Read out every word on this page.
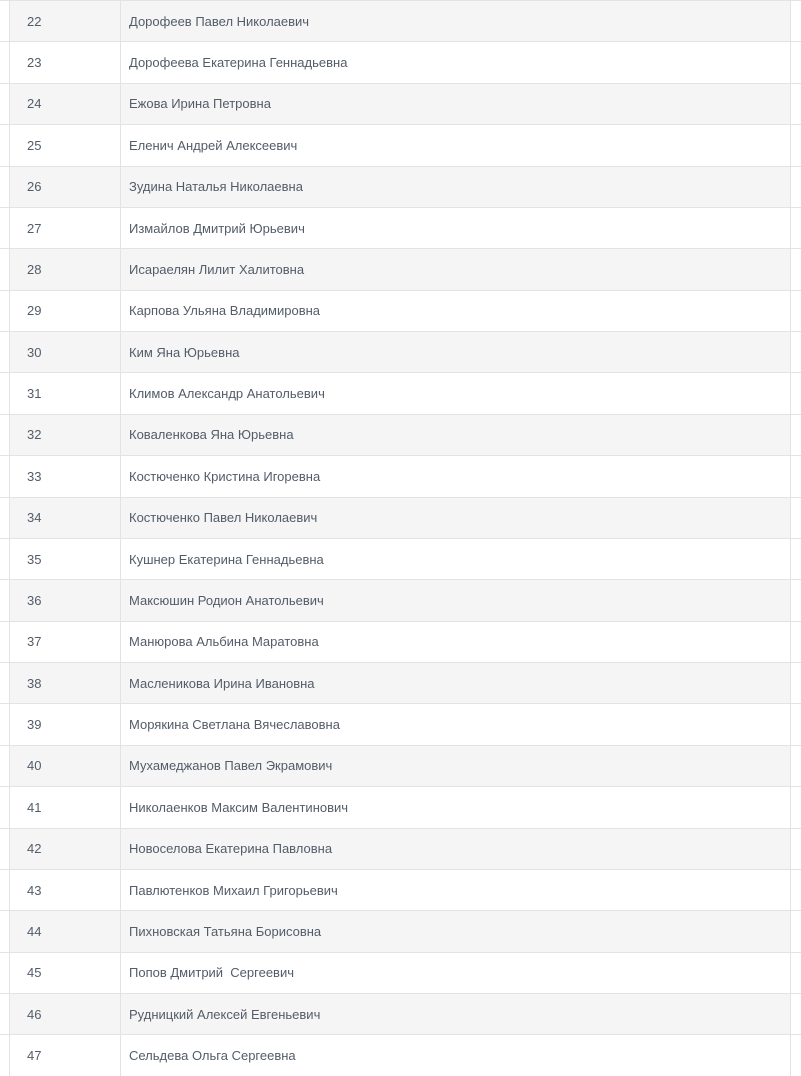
22	Дорофеев Павел Николаевич
23	Дорофеева Екатерина Геннадьевна
24	Ежова Ирина Петровна
25	Еленич Андрей Алексеевич
26	Зудина Наталья Николаевна
27	Измайлов Дмитрий Юрьевич
28	Исараелян Лилит Халитовна
29	Карпова Ульяна Владимировна
30	Ким Яна Юрьевна
31	Климов Александр Анатольевич
32	Коваленкова Яна Юрьевна
33	Костюченко Кристина Игоревна
34	Костюченко Павел Николаевич
35	Кушнер Екатерина Геннадьевна
36	Максюшин Родион Анатольевич
37	Манюрова Альбина Маратовна
38	Масленикова Ирина Ивановна
39	Морякина Светлана Вячеславовна
40	Мухамеджанов Павел Экрамович
41	Николаенков Максим Валентинович
42	Новоселова Екатерина Павловна
43	Павлютенков Михаил Григорьевич
44	Пихновская Татьяна Борисовна
45	Попов Дмитрий  Сергеевич
46	Рудницкий Алексей Евгеньевич
47	Сельдева Ольга Сергеевна
